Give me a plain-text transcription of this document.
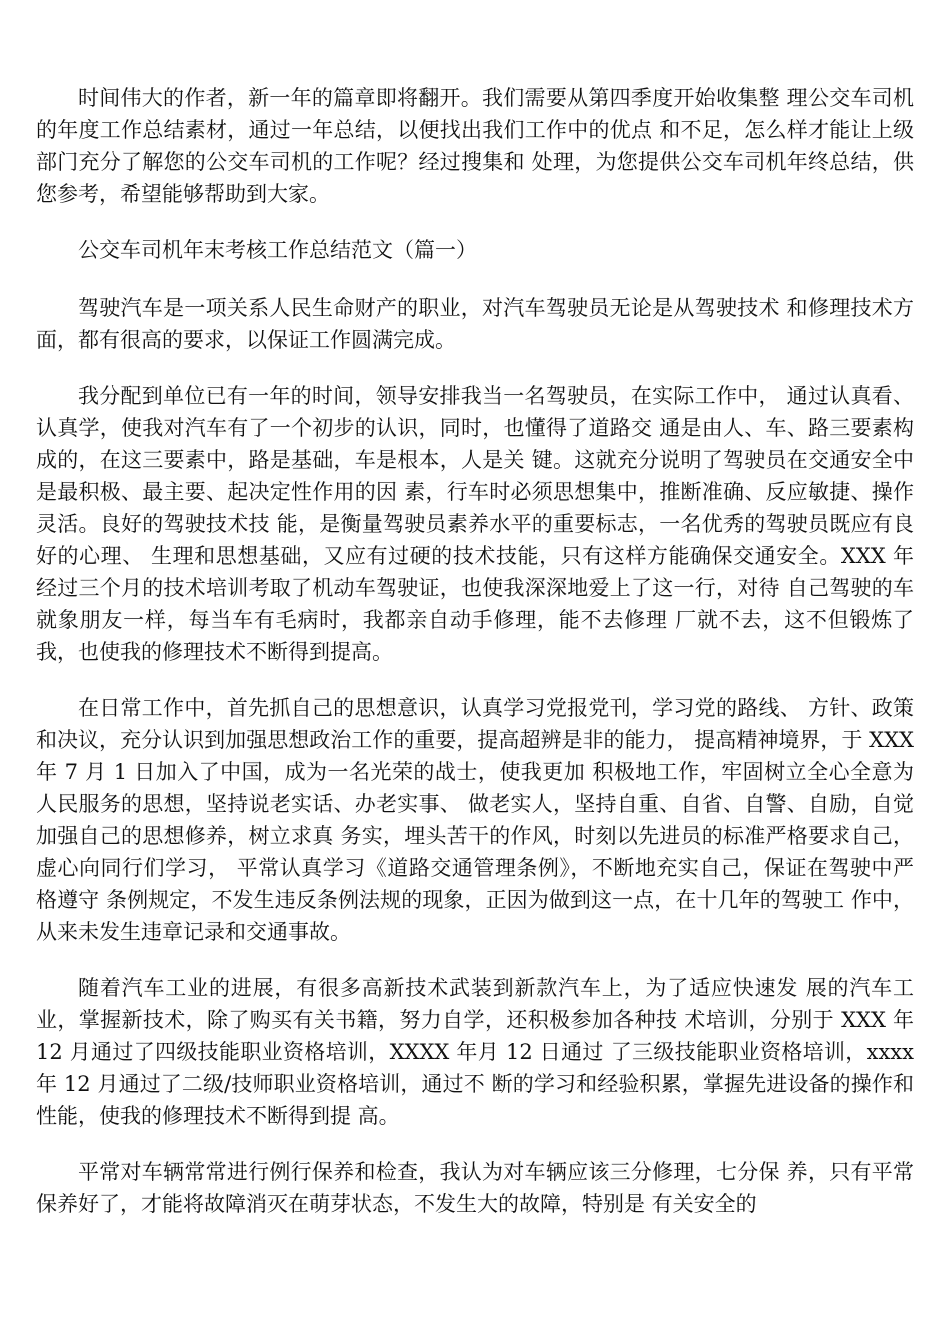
时间伟大的作者，新一年的篇章即将翻开。我们需要从第四季度开始收集整 理公交车司机的年度工作总结素材，通过一年总结，以便找出我们工作中的优点 和不足，怎么样才能让上级部门充分了解您的公交车司机的工作呢？经过搜集和 处理，为您提供公交车司机年终总结，供您参考，希望能够帮助到大家。

公交车司机年末考核工作总结范文（篇一）

驾驶汽车是一项关系人民生命财产的职业，对汽车驾驶员无论是从驾驶技术 和修理技术方面，都有很高的要求，以保证工作圆满完成。

我分配到单位已有一年的时间，领导安排我当一名驾驶员，在实际工作中， 通过认真看、认真学，使我对汽车有了一个初步的认识，同时，也懂得了道路交 通是由人、车、路三要素构成的，在这三要素中，路是基础，车是根本，人是关 键。这就充分说明了驾驶员在交通安全中是最积极、最主要、起决定性作用的因 素，行车时必须思想集中，推断准确、反应敏捷、操作灵活。良好的驾驶技术技 能，是衡量驾驶员素养水平的重要标志，一名优秀的驾驶员既应有良好的心理、 生理和思想基础，又应有过硬的技术技能，只有这样方能确保交通安全。XXX 年 经过三个月的技术培训考取了机动车驾驶证，也使我深深地爱上了这一行，对待 自己驾驶的车就象朋友一样，每当车有毛病时，我都亲自动手修理，能不去修理 厂就不去，这不但锻炼了我，也使我的修理技术不断得到提高。

在日常工作中，首先抓自己的思想意识，认真学习党报党刊，学习党的路线、 方针、政策和决议，充分认识到加强思想政治工作的重要，提高超辨是非的能力， 提高精神境界，于 XXX 年 7 月 1 日加入了中国，成为一名光荣的战士，使我更加 积极地工作，牢固树立全心全意为人民服务的思想，坚持说老实话、办老实事、 做老实人，坚持自重、自省、自警、自励，自觉加强自己的思想修养，树立求真 务实，埋头苦干的作风，时刻以先进员的标准严格要求自己，虚心向同行们学习， 平常认真学习《道路交通管理条例》，不断地充实自己，保证在驾驶中严格遵守 条例规定，不发生违反条例法规的现象，正因为做到这一点，在十几年的驾驶工 作中，从来未发生违章记录和交通事故。

随着汽车工业的进展，有很多高新技术武装到新款汽车上，为了适应快速发 展的汽车工业，掌握新技术，除了购买有关书籍，努力自学，还积极参加各种技 术培训，分别于 XXX 年 12 月通过了四级技能职业资格培训，XXXX 年月 12 日通过 了三级技能职业资格培训，xxxx 年 12 月通过了二级/技师职业资格培训，通过不 断的学习和经验积累，掌握先进设备的操作和性能，使我的修理技术不断得到提 高。

平常对车辆常常进行例行保养和检查，我认为对车辆应该三分修理，七分保 养，只有平常保养好了，才能将故障消灭在萌芽状态，不发生大的故障，特别是 有关安全的
